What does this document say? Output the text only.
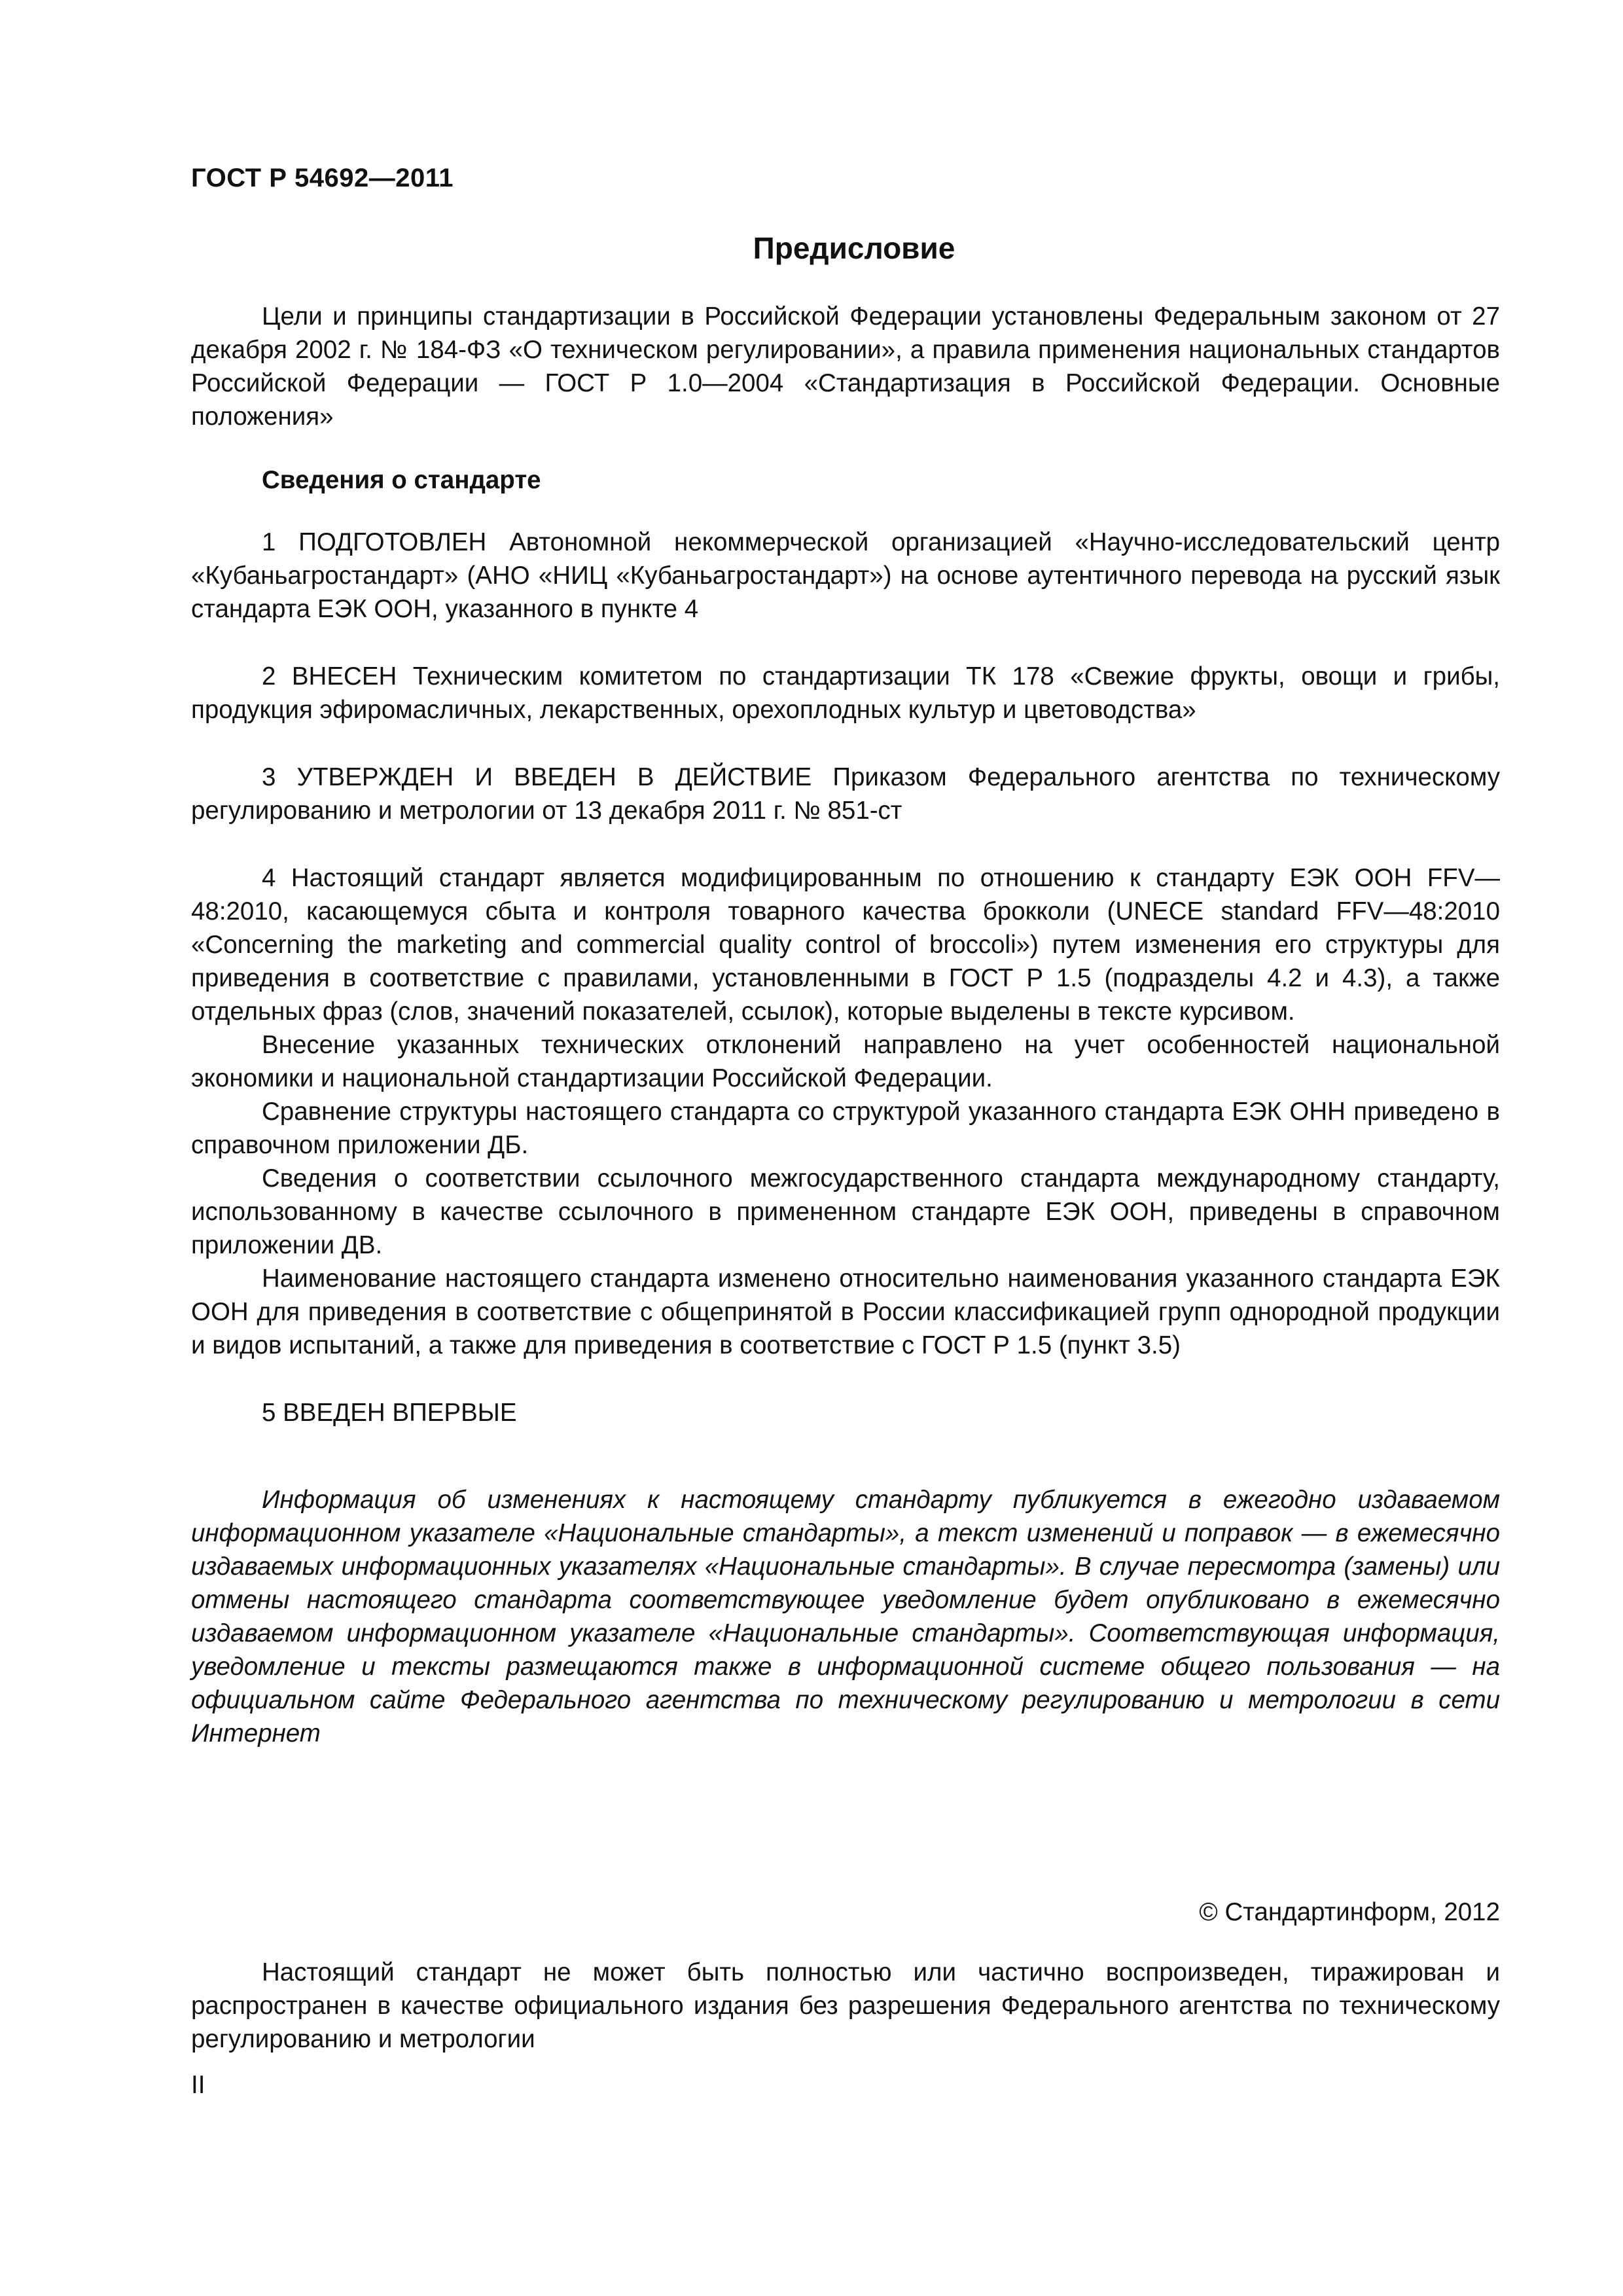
ГОСТ Р 54692—2011
Предисловие

Цели и принципы стандартизации в Российской Федерации установлены Федеральным законом от 27 декабря 2002 г. № 184-ФЗ «О техническом регулировании», а правила применения национальных стандартов Российской Федерации — ГОСТ Р 1.0—2004 «Стандартизация в Российской Федерации. Основные положения»

Сведения о стандарте

1 ПОДГОТОВЛЕН Автономной некоммерческой организацией «Научно-исследовательский центр «Кубаньагростандарт» (АНО «НИЦ «Кубаньагростандарт») на основе аутентичного перевода на русский язык стандарта ЕЭК ООН, указанного в пункте 4

2 ВНЕСЕН Техническим комитетом по стандартизации ТК 178 «Свежие фрукты, овощи и грибы, продукция эфиромасличных, лекарственных, орехоплодных культур и цветоводства»

3 УТВЕРЖДЕН И ВВЕДЕН В ДЕЙСТВИЕ Приказом Федерального агентства по техническому регулированию и метрологии от 13 декабря 2011 г. № 851-ст

4 Настоящий стандарт является модифицированным по отношению к стандарту ЕЭК ООН FFV—48:2010, касающемуся сбыта и контроля товарного качества брокколи (UNECE standard FFV—48:2010 «Concerning the marketing and commercial quality control of broccoli») путем изменения его структуры для приведения в соответствие с правилами, установленными в ГОСТ Р 1.5 (подразделы 4.2 и 4.3), а также отдельных фраз (слов, значений показателей, ссылок), которые выделены в тексте курсивом.

Внесение указанных технических отклонений направлено на учет особенностей национальной экономики и национальной стандартизации Российской Федерации.

Сравнение структуры настоящего стандарта со структурой указанного стандарта ЕЭК ОНН приведено в справочном приложении ДБ.

Сведения о соответствии ссылочного межгосударственного стандарта международному стандарту, использованному в качестве ссылочного в примененном стандарте ЕЭК ООН, приведены в справочном приложении ДВ.

Наименование настоящего стандарта изменено относительно наименования указанного стандарта ЕЭК ООН для приведения в соответствие с общепринятой в России классификацией групп однородной продукции и видов испытаний, а также для приведения в соответствие с ГОСТ Р 1.5 (пункт 3.5)

5 ВВЕДЕН ВПЕРВЫЕ

Информация об изменениях к настоящему стандарту публикуется в ежегодно издаваемом информационном указателе «Национальные стандарты», а текст изменений и поправок — в ежемесячно издаваемых информационных указателях «Национальные стандарты». В случае пересмотра (замены) или отмены настоящего стандарта соответствующее уведомление будет опубликовано в ежемесячно издаваемом информационном указателе «Национальные стандарты». Соответствующая информация, уведомление и тексты размещаются также в информационной системе общего пользования — на официальном сайте Федерального агентства по техническому регулированию и метрологии в сети Интернет

© Стандартинформ, 2012

Настоящий стандарт не может быть полностью или частично воспроизведен, тиражирован и распространен в качестве официального издания без разрешения Федерального агентства по техническому регулированию и метрологии

II
